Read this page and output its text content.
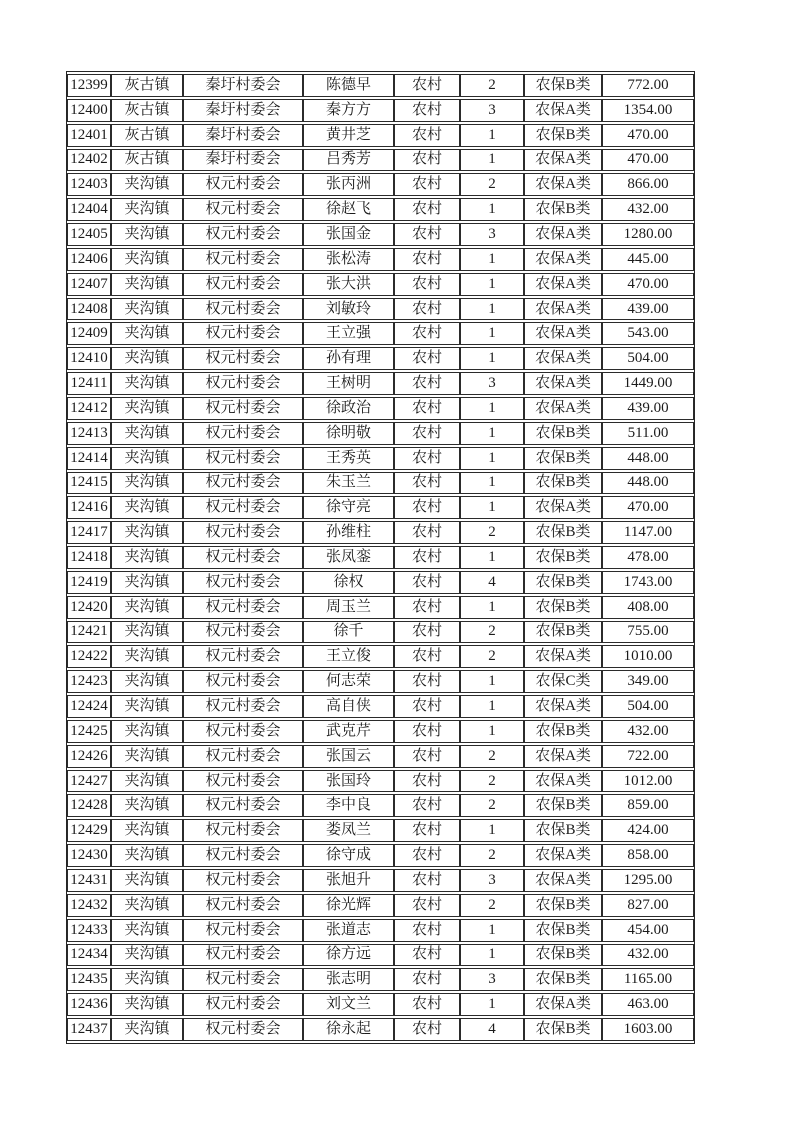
12399	灰古镇	秦圩村委会	陈德早	农村	2	农保B类	772.00
12400	灰古镇	秦圩村委会	秦方方	农村	3	农保A类	1354.00
12401	灰古镇	秦圩村委会	黄井芝	农村	1	农保B类	470.00
12402	灰古镇	秦圩村委会	吕秀芳	农村	1	农保A类	470.00
12403	夹沟镇	权元村委会	张丙洲	农村	2	农保A类	866.00
12404	夹沟镇	权元村委会	徐赵飞	农村	1	农保B类	432.00
12405	夹沟镇	权元村委会	张国金	农村	3	农保A类	1280.00
12406	夹沟镇	权元村委会	张松涛	农村	1	农保A类	445.00
12407	夹沟镇	权元村委会	张大洪	农村	1	农保A类	470.00
12408	夹沟镇	权元村委会	刘敏玲	农村	1	农保A类	439.00
12409	夹沟镇	权元村委会	王立强	农村	1	农保A类	543.00
12410	夹沟镇	权元村委会	孙有理	农村	1	农保A类	504.00
12411	夹沟镇	权元村委会	王树明	农村	3	农保A类	1449.00
12412	夹沟镇	权元村委会	徐政治	农村	1	农保A类	439.00
12413	夹沟镇	权元村委会	徐明敬	农村	1	农保B类	511.00
12414	夹沟镇	权元村委会	王秀英	农村	1	农保B类	448.00
12415	夹沟镇	权元村委会	朱玉兰	农村	1	农保B类	448.00
12416	夹沟镇	权元村委会	徐守亮	农村	1	农保A类	470.00
12417	夹沟镇	权元村委会	孙维柱	农村	2	农保B类	1147.00
12418	夹沟镇	权元村委会	张凤銮	农村	1	农保B类	478.00
12419	夹沟镇	权元村委会	徐权	农村	4	农保B类	1743.00
12420	夹沟镇	权元村委会	周玉兰	农村	1	农保B类	408.00
12421	夹沟镇	权元村委会	徐千	农村	2	农保B类	755.00
12422	夹沟镇	权元村委会	王立俊	农村	2	农保A类	1010.00
12423	夹沟镇	权元村委会	何志荣	农村	1	农保C类	349.00
12424	夹沟镇	权元村委会	高自侠	农村	1	农保A类	504.00
12425	夹沟镇	权元村委会	武克芹	农村	1	农保B类	432.00
12426	夹沟镇	权元村委会	张国云	农村	2	农保A类	722.00
12427	夹沟镇	权元村委会	张国玲	农村	2	农保A类	1012.00
12428	夹沟镇	权元村委会	李中良	农村	2	农保B类	859.00
12429	夹沟镇	权元村委会	娄凤兰	农村	1	农保B类	424.00
12430	夹沟镇	权元村委会	徐守成	农村	2	农保A类	858.00
12431	夹沟镇	权元村委会	张旭升	农村	3	农保A类	1295.00
12432	夹沟镇	权元村委会	徐光辉	农村	2	农保B类	827.00
12433	夹沟镇	权元村委会	张道志	农村	1	农保B类	454.00
12434	夹沟镇	权元村委会	徐方远	农村	1	农保B类	432.00
12435	夹沟镇	权元村委会	张志明	农村	3	农保B类	1165.00
12436	夹沟镇	权元村委会	刘文兰	农村	1	农保A类	463.00
12437	夹沟镇	权元村委会	徐永起	农村	4	农保B类	1603.00
